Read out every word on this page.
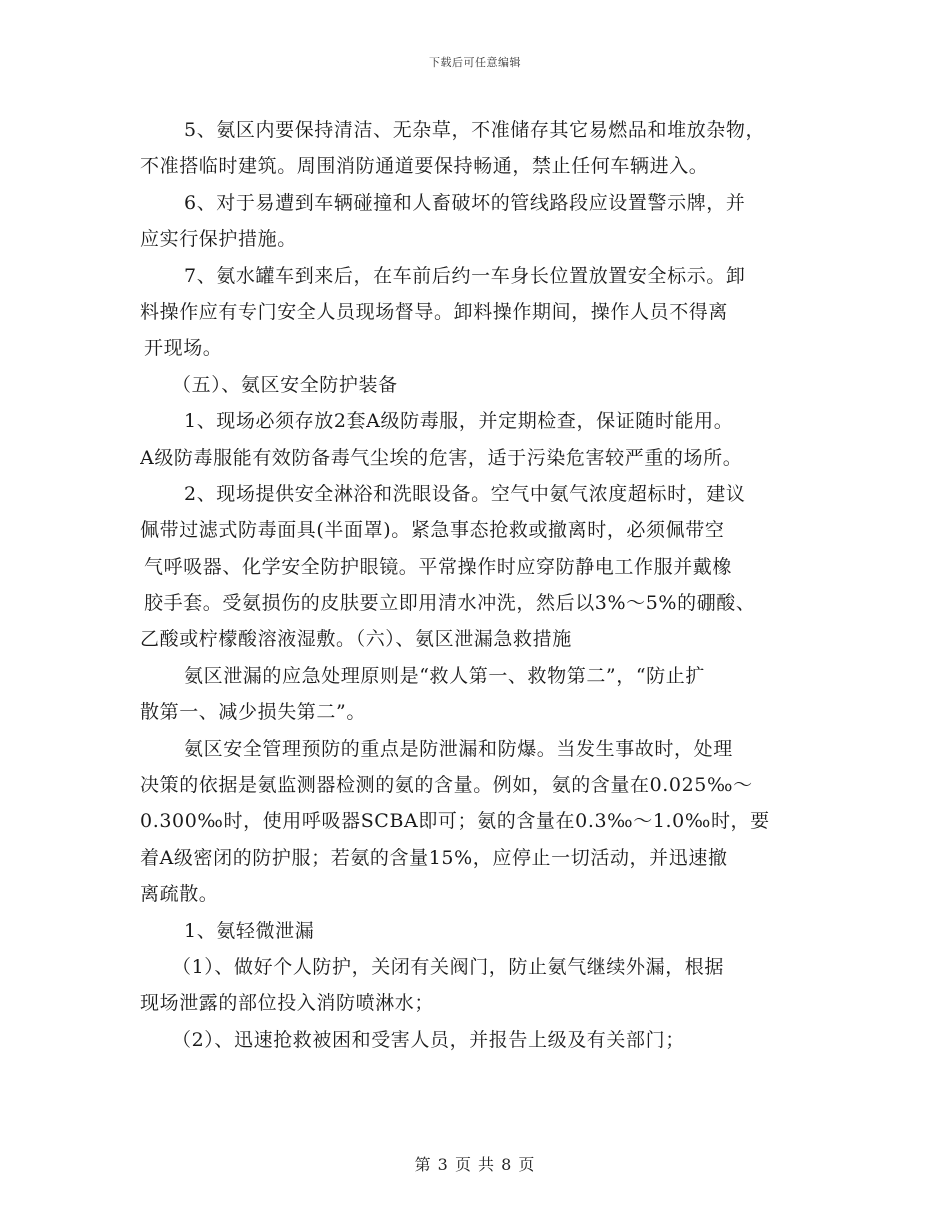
下载后可任意编辑
5、氨区内要保持清洁、无杂草，不准储存其它易燃品和堆放杂物，
不准搭临时建筑。周围消防通道要保持畅通，禁止任何车辆进入。
6、对于易遭到车辆碰撞和人畜破坏的管线路段应设置警示牌，并
应实行保护措施。
7、氨水罐车到来后，在车前后约一车身长位置放置安全标示。卸
料操作应有专门安全人员现场督导。卸料操作期间，操作人员不得离
开现场。
（五）、氨区安全防护装备
1、现场必须存放2套A级防毒服，并定期检查，保证随时能用。
A级防毒服能有效防备毒气尘埃的危害，适于污染危害较严重的场所。
2、现场提供安全淋浴和洗眼设备。空气中氨气浓度超标时，建议
佩带过滤式防毒面具(半面罩)。紧急事态抢救或撤离时，必须佩带空
气呼吸器、化学安全防护眼镜。平常操作时应穿防静电工作服并戴橡
胶手套。受氨损伤的皮肤要立即用清水冲洗，然后以3%～5%的硼酸、
乙酸或柠檬酸溶液湿敷。（六）、氨区泄漏急救措施
氨区泄漏的应急处理原则是“救人第一、救物第二”，“防止扩
散第一、减少损失第二”。
氨区安全管理预防的重点是防泄漏和防爆。当发生事故时，处理
决策的依据是氨监测器检测的氨的含量。例如，氨的含量在0.025‰～
0.300‰时，使用呼吸器SCBA即可；氨的含量在0.3‰～1.0‰时，要
着A级密闭的防护服；若氨的含量15%，应停止一切活动，并迅速撤
离疏散。
1、氨轻微泄漏
（1）、做好个人防护，关闭有关阀门，防止氨气继续外漏，根据
现场泄露的部位投入消防喷淋水；
（2）、迅速抢救被困和受害人员，并报告上级及有关部门；
第 3 页 共 8 页
